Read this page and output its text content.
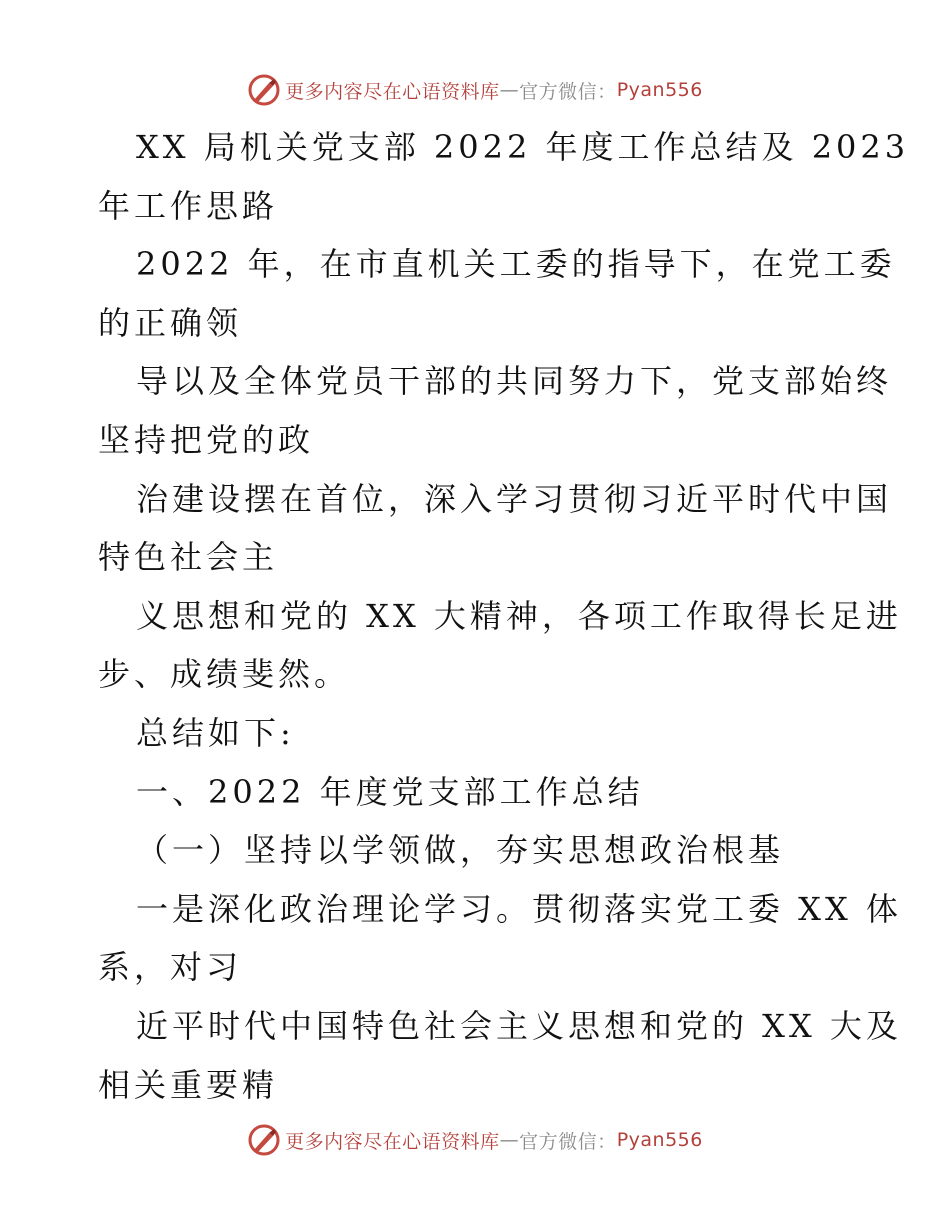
更多内容尽在心语资料库 — 官方微信： Pyan556
XX 局机关党支部 2022 年度工作总结及 2023
年工作思路
2022 年，在市直机关工委的指导下，在党工委
的正确领
导以及全体党员干部的共同努力下，党支部始终
坚持把党的政
治建设摆在首位，深入学习贯彻习近平时代中国
特色社会主
义思想和党的 XX 大精神，各项工作取得长足进
步、成绩斐然。
总结如下:
一、2022 年度党支部工作总结
（一）坚持以学领做，夯实思想政治根基
一是深化政治理论学习。贯彻落实党工委 XX 体
系，对习
近平时代中国特色社会主义思想和党的 XX 大及
相关重要精
更多内容尽在心语资料库 — 官方微信： Pyan556
